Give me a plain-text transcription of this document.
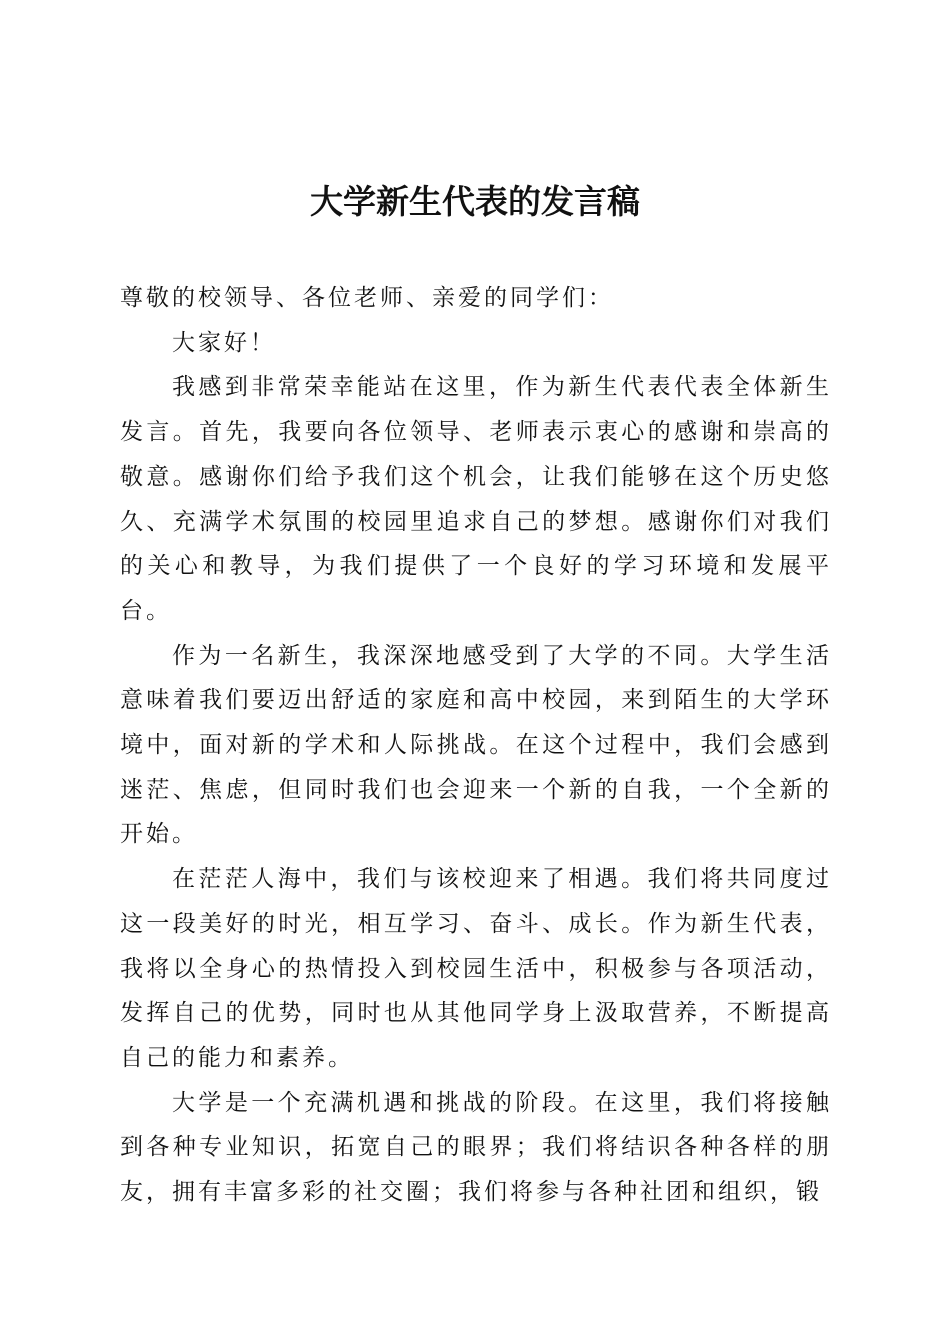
大学新生代表的发言稿

尊敬的校领导、各位老师、亲爱的同学们：

大家好！

我感到非常荣幸能站在这里，作为新生代表代表全体新生发言。首先，我要向各位领导、老师表示衷心的感谢和崇高的敬意。感谢你们给予我们这个机会，让我们能够在这个历史悠久、充满学术氛围的校园里追求自己的梦想。感谢你们对我们的关心和教导，为我们提供了一个良好的学习环境和发展平台。

作为一名新生，我深深地感受到了大学的不同。大学生活意味着我们要迈出舒适的家庭和高中校园，来到陌生的大学环境中，面对新的学术和人际挑战。在这个过程中，我们会感到迷茫、焦虑，但同时我们也会迎来一个新的自我，一个全新的开始。

在茫茫人海中，我们与该校迎来了相遇。我们将共同度过这一段美好的时光，相互学习、奋斗、成长。作为新生代表，我将以全身心的热情投入到校园生活中，积极参与各项活动，发挥自己的优势，同时也从其他同学身上汲取营养，不断提高自己的能力和素养。

大学是一个充满机遇和挑战的阶段。在这里，我们将接触到各种专业知识，拓宽自己的眼界；我们将结识各种各样的朋友，拥有丰富多彩的社交圈；我们将参与各种社团和组织，锻
